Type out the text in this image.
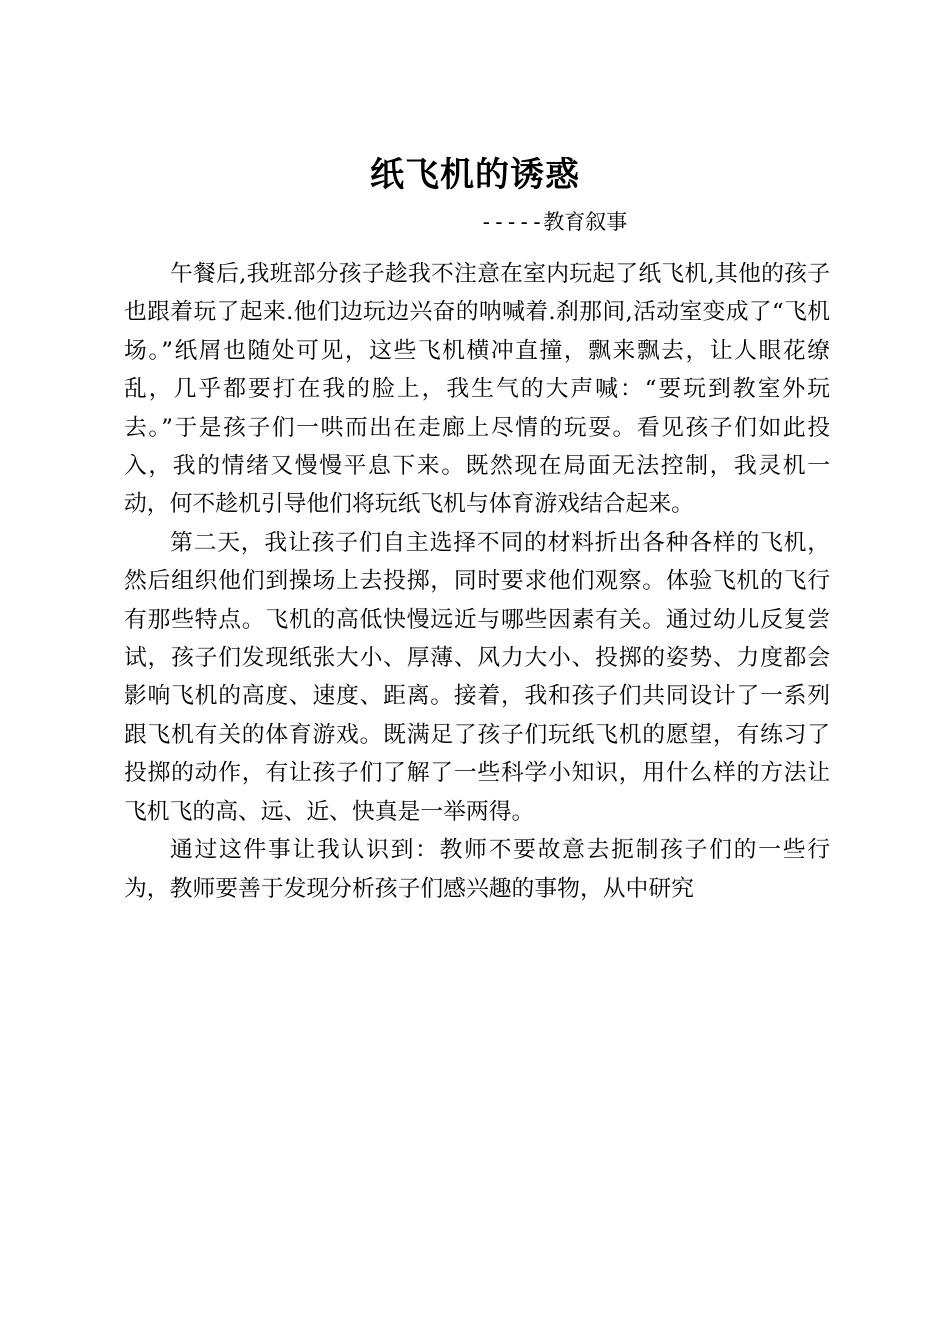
纸飞机的诱惑
-----教育叙事

午餐后,我班部分孩子趁我不注意在室内玩起了纸飞机,其他的孩子也跟着玩了起来.他们边玩边兴奋的呐喊着.刹那间,活动室变成了“飞机场。”纸屑也随处可见，这些飞机横冲直撞，飘来飘去，让人眼花缭乱，几乎都要打在我的脸上，我生气的大声喊：“要玩到教室外玩去。”于是孩子们一哄而出在走廊上尽情的玩耍。看见孩子们如此投入，我的情绪又慢慢平息下来。既然现在局面无法控制，我灵机一动，何不趁机引导他们将玩纸飞机与体育游戏结合起来。

第二天，我让孩子们自主选择不同的材料折出各种各样的飞机，然后组织他们到操场上去投掷，同时要求他们观察。体验飞机的飞行有那些特点。飞机的高低快慢远近与哪些因素有关。通过幼儿反复尝试，孩子们发现纸张大小、厚薄、风力大小、投掷的姿势、力度都会影响飞机的高度、速度、距离。接着，我和孩子们共同设计了一系列跟飞机有关的体育游戏。既满足了孩子们玩纸飞机的愿望，有练习了投掷的动作，有让孩子们了解了一些科学小知识，用什么样的方法让飞机飞的高、远、近、快真是一举两得。

通过这件事让我认识到：教师不要故意去扼制孩子们的一些行为，教师要善于发现分析孩子们感兴趣的事物，从中研究
